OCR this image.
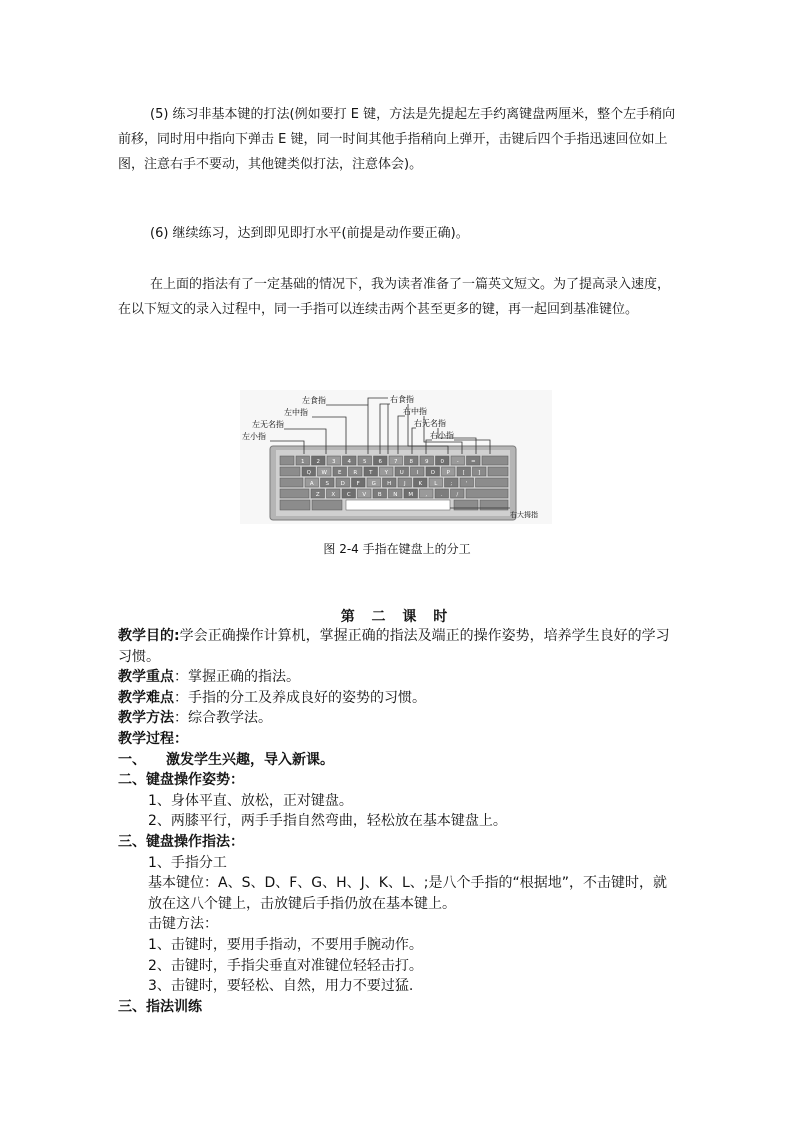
(5) 练习非基本键的打法(例如要打 E 键，方法是先提起左手约离键盘两厘米，整个左手稍向前移，同时用中指向下弹击 E 键，同一时间其他手指稍向上弹开，击键后四个手指迅速回位如上图，注意右手不要动，其他键类似打法，注意体会)。
(6) 继续练习，达到即见即打水平(前提是动作要正确)。
在上面的指法有了一定基础的情况下，我为读者准备了一篇英文短文。为了提高录入速度，在以下短文的录入过程中，同一手指可以连续击两个甚至更多的键，再一起回到基准键位。
1 2 3 4 5 6 7 8 9 0 - =
Q W E R T Y U I O P [ ]
A S D F G H J K L ;	'
Z X C V B N M ,	. /
左食指
左中指
左无名指
左小指
右食指
右中指
右无名指
右小指
右大拇指
图 2-4 手指在键盘上的分工
第 二 课 时
教学目的:学会正确操作计算机，掌握正确的指法及端正的操作姿势，培养学生良好的学习习惯。
教学重点：掌握正确的指法。
教学难点：手指的分工及养成良好的姿势的习惯。
教学方法：综合教学法。
教学过程：
一、 激发学生兴趣，导入新课。
二、键盘操作姿势：
1、身体平直、放松，正对键盘。
2、两膝平行，两手手指自然弯曲，轻松放在基本键盘上。
三、键盘操作指法：
1、手指分工
基本键位：A、S、D、F、G、H、J、K、L、;是八个手指的“根据地”，不击键时，就放在这八个键上，击放键后手指仍放在基本键上。
击键方法：
1、击键时，要用手指动，不要用手腕动作。
2、击键时，手指尖垂直对准键位轻轻击打。
3、击键时，要轻松、自然，用力不要过猛.
三、指法训练
